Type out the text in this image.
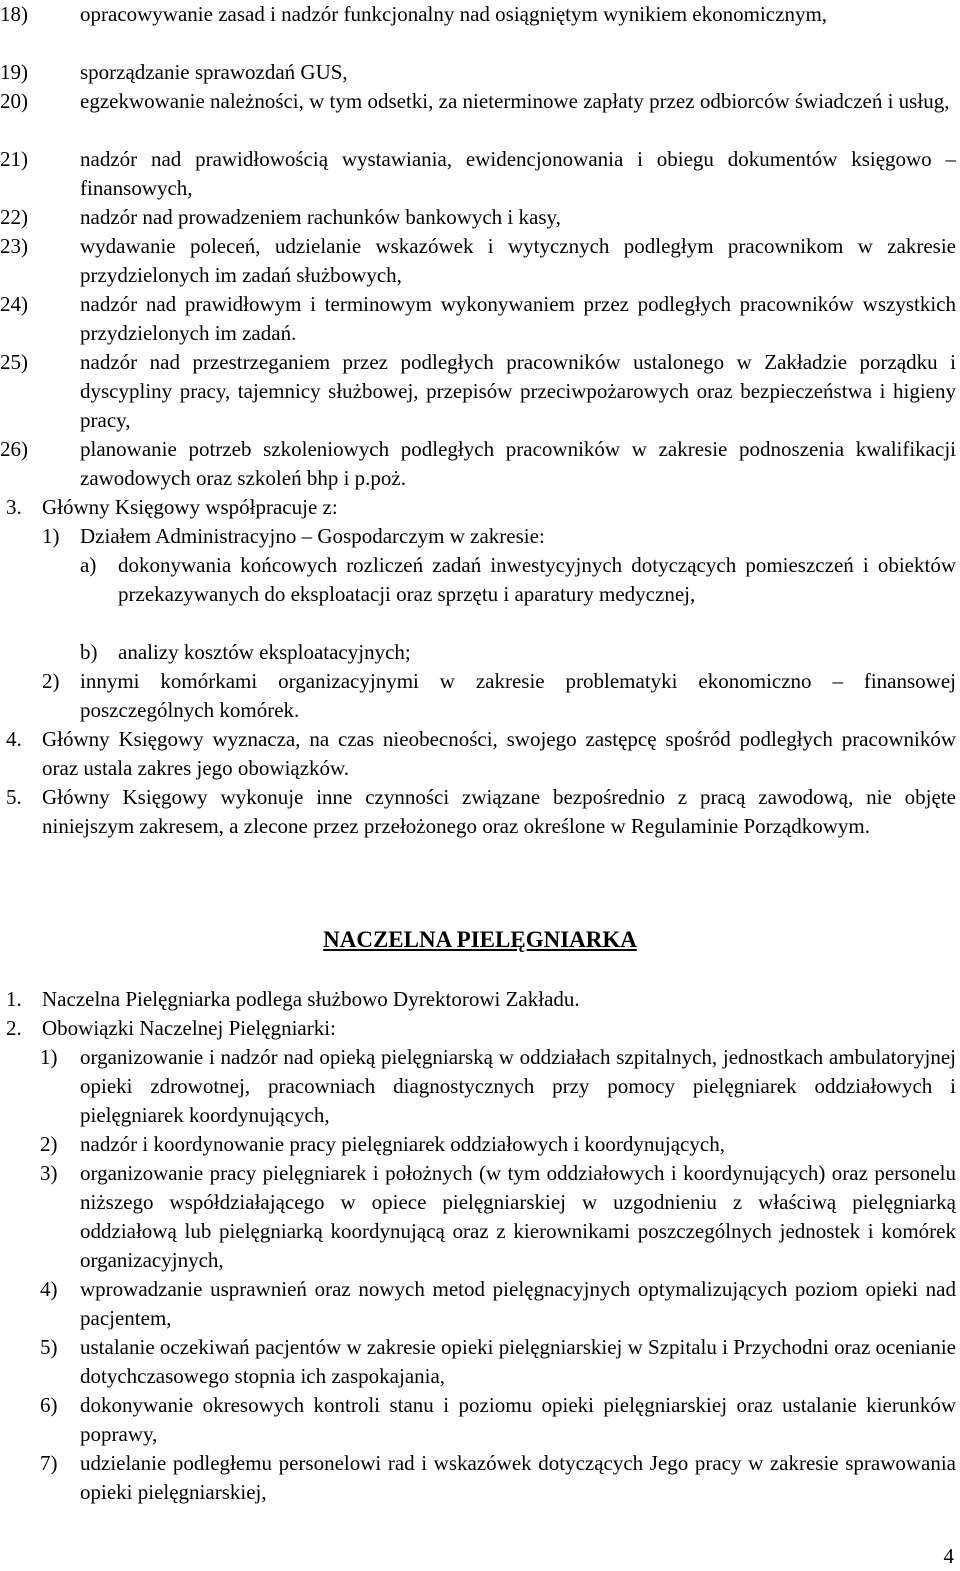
18) opracowywanie zasad i nadzór funkcjonalny nad osiągniętym wynikiem ekonomicznym,
19) sporządzanie sprawozdań GUS,
20) egzekwowanie należności, w tym odsetki, za nieterminowe zapłaty przez odbiorców świadczeń i usług,
21) nadzór nad prawidłowością wystawiania, ewidencjonowania i obiegu dokumentów księgowo – finansowych,
22) nadzór nad prowadzeniem rachunków bankowych i kasy,
23) wydawanie poleceń, udzielanie wskazówek i wytycznych podległym pracownikom w zakresie przydzielonych im zadań służbowych,
24) nadzór nad prawidłowym i terminowym wykonywaniem przez podległych pracowników wszystkich przydzielonych im zadań.
25) nadzór nad przestrzeganiem przez podległych pracowników ustalonego w Zakładzie porządku i dyscypliny pracy, tajemnicy służbowej, przepisów przeciwpożarowych oraz bezpieczeństwa i higieny pracy,
26) planowanie potrzeb szkoleniowych podległych pracowników w zakresie podnoszenia kwalifikacji zawodowych oraz szkoleń bhp i p.poż.
3. Główny Księgowy współpracuje z:
1) Działem Administracyjno – Gospodarczym w zakresie:
a) dokonywania końcowych rozliczeń zadań inwestycyjnych dotyczących pomieszczeń i obiektów przekazywanych do eksploatacji oraz sprzętu i aparatury medycznej,
b) analizy kosztów eksploatacyjnych;
2) innymi komórkami organizacyjnymi w zakresie problematyki ekonomiczno – finansowej poszczególnych komórek.
4. Główny Księgowy wyznacza, na czas nieobecności, swojego zastępcę spośród podległych pracowników oraz ustala zakres jego obowiązków.
5. Główny Księgowy wykonuje inne czynności związane bezpośrednio z pracą zawodową, nie objęte niniejszym zakresem, a zlecone przez przełożonego oraz określone w Regulaminie Porządkowym.
NACZELNA PIELĘGNIARKA
1. Naczelna Pielęgniarka podlega służbowo Dyrektorowi Zakładu.
2. Obowiązki Naczelnej Pielęgniarki:
1) organizowanie i nadzór nad opieką pielęgniarską w oddziałach szpitalnych, jednostkach ambulatoryjnej opieki zdrowotnej, pracowniach diagnostycznych przy pomocy pielęgniarek oddziałowych i pielęgniarek koordynujących,
2) nadzór i koordynowanie pracy pielęgniarek oddziałowych i koordynujących,
3) organizowanie pracy pielęgniarek i położnych (w tym oddziałowych i koordynujących) oraz personelu niższego współdziałającego w opiece pielęgniarskiej w uzgodnieniu z właściwą pielęgniarką oddziałową lub pielęgniarką koordynującą oraz z kierownikami poszczególnych jednostek i komórek organizacyjnych,
4) wprowadzanie usprawnień oraz nowych metod pielęgnacyjnych optymalizujących poziom opieki nad pacjentem,
5) ustalanie oczekiwań pacjentów w zakresie opieki pielęgniarskiej w Szpitalu i Przychodni oraz ocenianie dotychczasowego stopnia ich zaspokajania,
6) dokonywanie okresowych kontroli stanu i poziomu opieki pielęgniarskiej oraz ustalanie kierunków poprawy,
7) udzielanie podległemu personelowi rad i wskazówek dotyczących Jego pracy w zakresie sprawowania opieki pielęgniarskiej,
4
